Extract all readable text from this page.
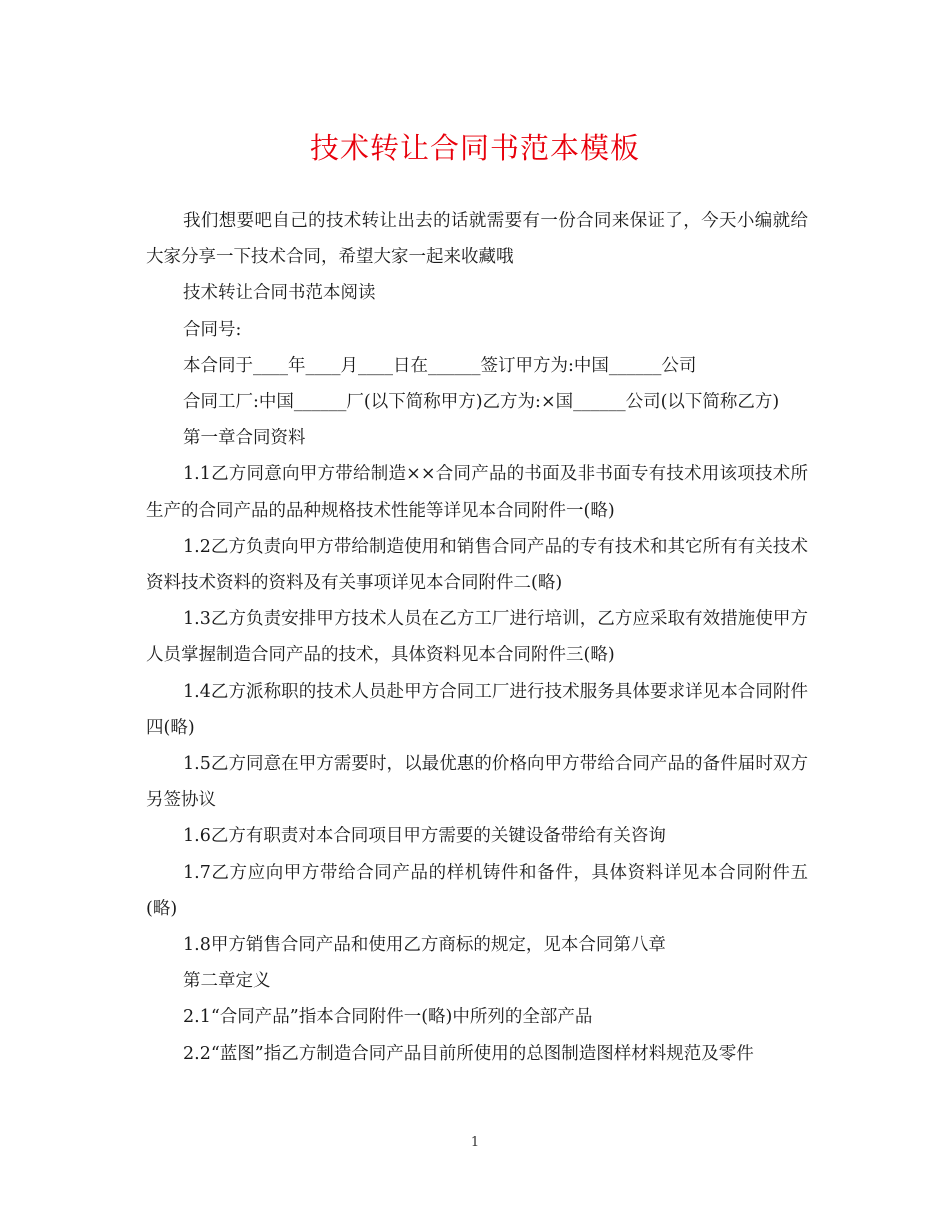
技术转让合同书范本模板

我们想要吧自己的技术转让出去的话就需要有一份合同来保证了，今天小编就给大家分享一下技术合同，希望大家一起来收藏哦

技术转让合同书范本阅读

合同号:

本合同于____年____月____日在______签订甲方为:中国______公司

合同工厂:中国______厂(以下简称甲方)乙方为:×国______公司(以下简称乙方)

第一章合同资料

1.1乙方同意向甲方带给制造××合同产品的书面及非书面专有技术用该项技术所生产的合同产品的品种规格技术性能等详见本合同附件一(略)

1.2乙方负责向甲方带给制造使用和销售合同产品的专有技术和其它所有有关技术资料技术资料的资料及有关事项详见本合同附件二(略)

1.3乙方负责安排甲方技术人员在乙方工厂进行培训，乙方应采取有效措施使甲方人员掌握制造合同产品的技术，具体资料见本合同附件三(略)

1.4乙方派称职的技术人员赴甲方合同工厂进行技术服务具体要求详见本合同附件四(略)

1.5乙方同意在甲方需要时，以最优惠的价格向甲方带给合同产品的备件届时双方另签协议

1.6乙方有职责对本合同项目甲方需要的关键设备带给有关咨询

1.7乙方应向甲方带给合同产品的样机铸件和备件，具体资料详见本合同附件五(略)

1.8甲方销售合同产品和使用乙方商标的规定，见本合同第八章

第二章定义

2.1“合同产品”指本合同附件一(略)中所列的全部产品

2.2“蓝图”指乙方制造合同产品目前所使用的总图制造图样材料规范及零件

1
